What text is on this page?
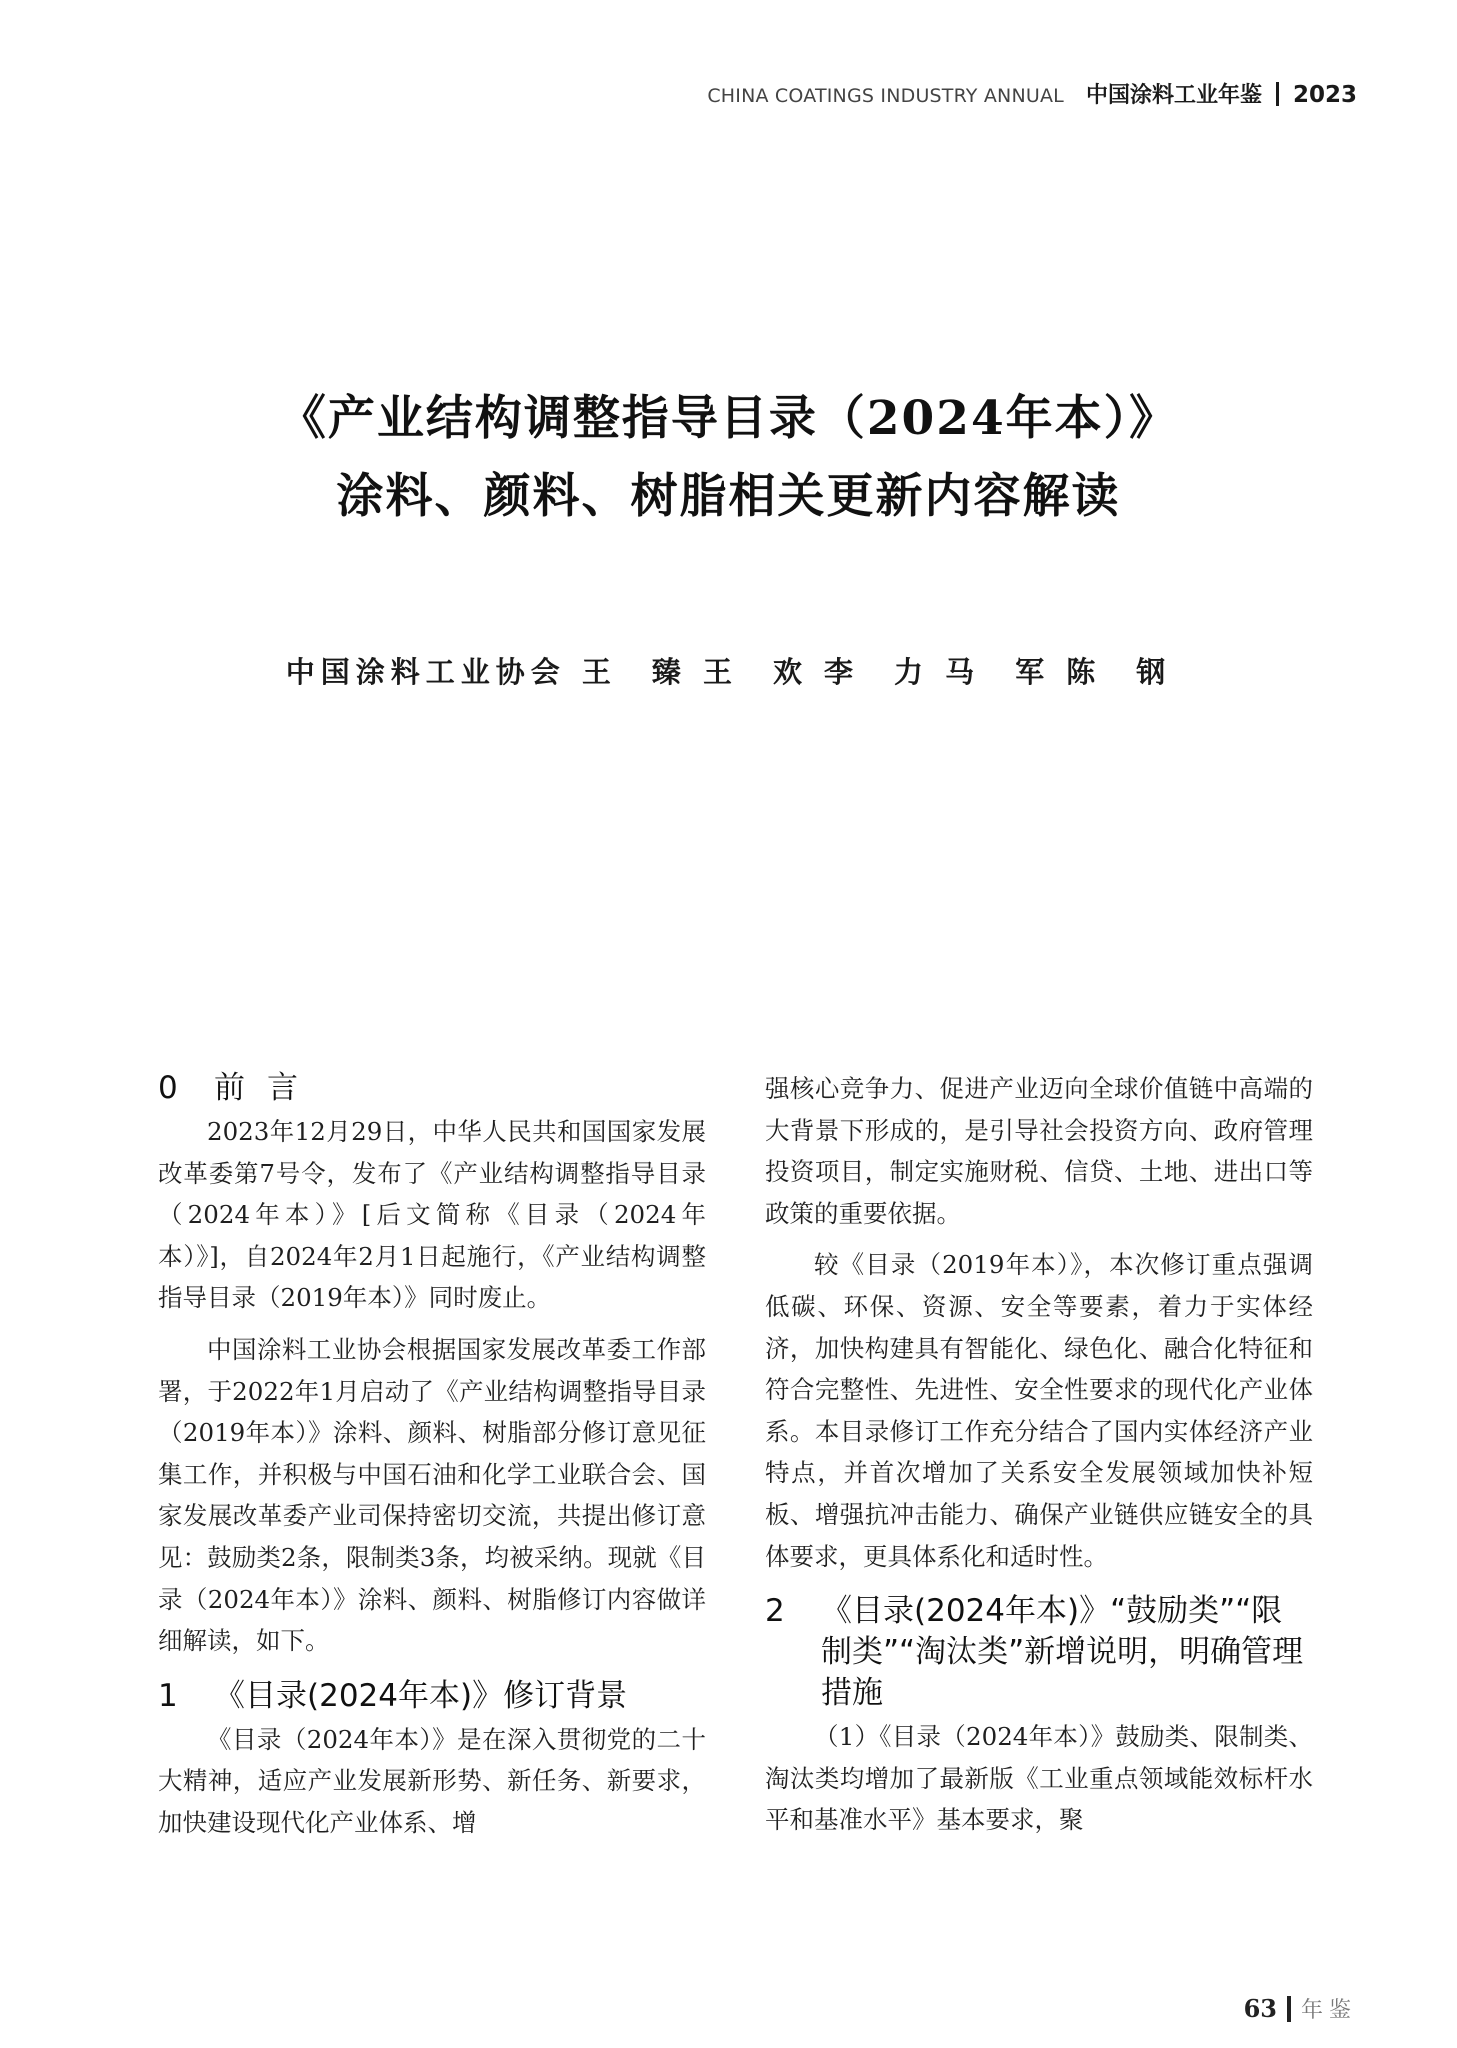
CHINA COATINGS INDUSTRY ANNUAL 中国涂料工业年鉴 2023
《产业结构调整指导目录（2024年本）》
涂料、颜料、树脂相关更新内容解读
中国涂料工业协会 王　臻 王　欢 李　力 马　军 陈　钢
0	前言

2023年12月29日，中华人民共和国国家发展改革委第7号令，发布了《产业结构调整指导目录（2024年本）》[后文简称《目录（2024年本）》]，自2024年2月1日起施行，《产业结构调整指导目录（2019年本）》同时废止。

中国涂料工业协会根据国家发展改革委工作部署，于2022年1月启动了《产业结构调整指导目录（2019年本）》涂料、颜料、树脂部分修订意见征集工作，并积极与中国石油和化学工业联合会、国家发展改革委产业司保持密切交流，共提出修订意见：鼓励类2条，限制类3条，均被采纳。现就《目录（2024年本）》涂料、颜料、树脂修订内容做详细解读，如下。

1	《目录(2024年本)》修订背景

《目录（2024年本）》是在深入贯彻党的二十大精神，适应产业发展新形势、新任务、新要求，加快建设现代化产业体系、增

强核心竞争力、促进产业迈向全球价值链中高端的大背景下形成的，是引导社会投资方向、政府管理投资项目，制定实施财税、信贷、土地、进出口等政策的重要依据。

较《目录（2019年本）》，本次修订重点强调低碳、环保、资源、安全等要素，着力于实体经济，加快构建具有智能化、绿色化、融合化特征和符合完整性、先进性、安全性要求的现代化产业体系。本目录修订工作充分结合了国内实体经济产业特点，并首次增加了关系安全发展领域加快补短板、增强抗冲击能力、确保产业链供应链安全的具体要求，更具体系化和适时性。

2	《目录(2024年本)》“鼓励类”“限制类”“淘汰类”新增说明，明确管理措施

（1）《目录（2024年本）》鼓励类、限制类、淘汰类均增加了最新版《工业重点领域能效标杆水平和基准水平》基本要求，聚

63 年鉴
